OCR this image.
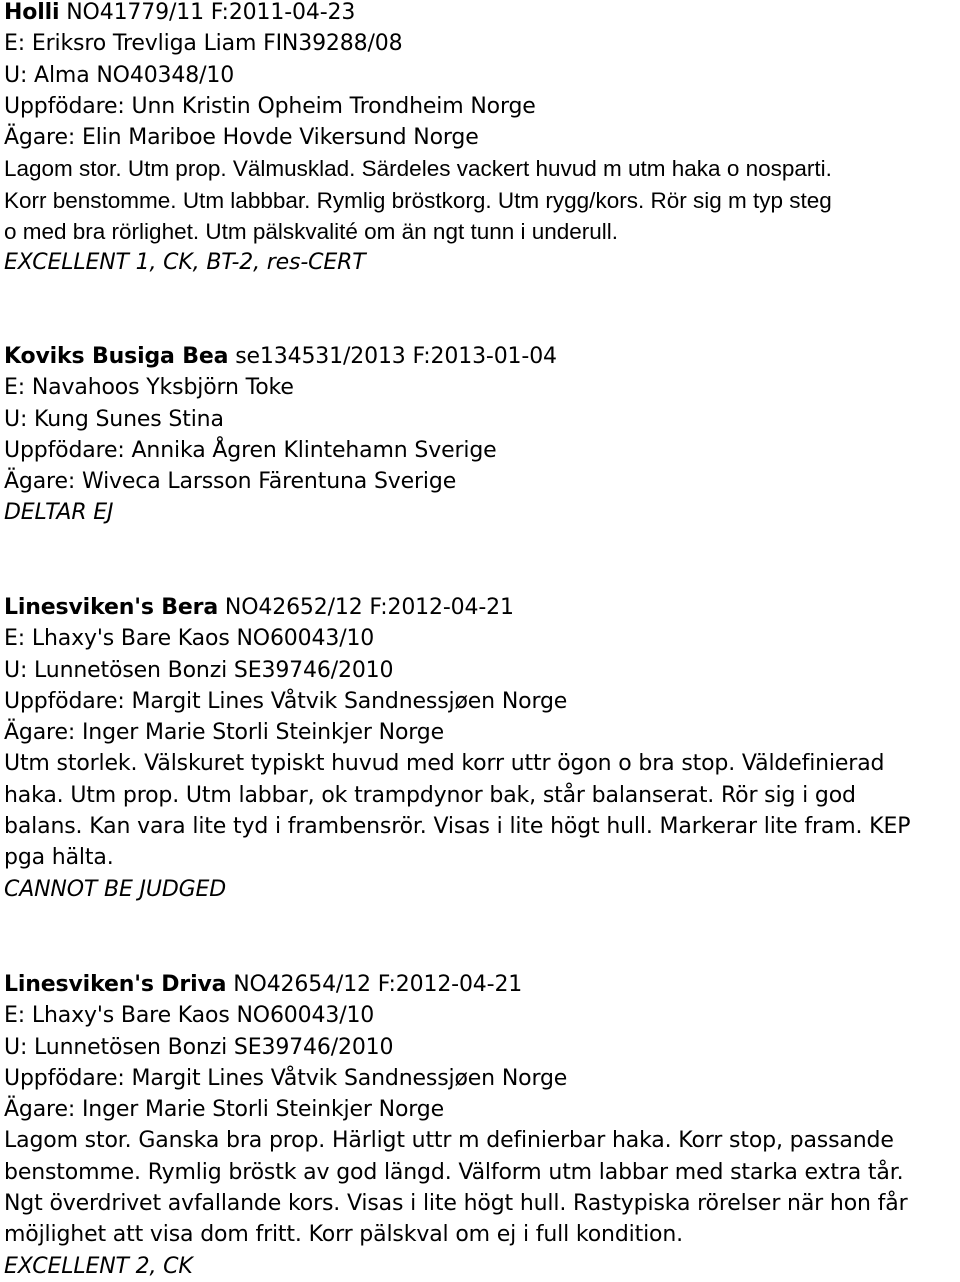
Holli NO41779/11 F:2011-04-23
E: Eriksro Trevliga Liam FIN39288/08
U: Alma NO40348/10
Uppfödare: Unn Kristin Opheim Trondheim Norge
Ägare: Elin Mariboe Hovde Vikersund Norge
Lagom stor. Utm prop. Välmusklad. Särdeles vackert huvud m utm haka o nosparti.
Korr benstomme. Utm labbbar. Rymlig bröstkorg. Utm rygg/kors. Rör sig m typ steg
o med bra rörlighet. Utm pälskvalité om än ngt tunn i underull.
EXCELLENT 1, CK, BT-2, res-CERT
Koviks Busiga Bea se134531/2013 F:2013-01-04
E: Navahoos Yksbjörn Toke
U: Kung Sunes Stina
Uppfödare: Annika Ågren Klintehamn Sverige
Ägare: Wiveca Larsson Färentuna Sverige
DELTAR EJ
Linesviken's Bera NO42652/12 F:2012-04-21
E: Lhaxy's Bare Kaos NO60043/10
U: Lunnetösen Bonzi SE39746/2010
Uppfödare: Margit Lines Våtvik Sandnessjøen Norge
Ägare: Inger Marie Storli Steinkjer Norge
Utm storlek. Välskuret typiskt huvud med korr uttr ögon o bra stop. Väldefinierad
haka. Utm prop. Utm labbar, ok trampdynor bak, står balanserat. Rör sig i god
balans. Kan vara lite tyd i frambensrör. Visas i lite högt hull. Markerar lite fram. KEP
pga hälta.
CANNOT BE JUDGED
Linesviken's Driva NO42654/12 F:2012-04-21
E: Lhaxy's Bare Kaos NO60043/10
U: Lunnetösen Bonzi SE39746/2010
Uppfödare: Margit Lines Våtvik Sandnessjøen Norge
Ägare: Inger Marie Storli Steinkjer Norge
Lagom stor. Ganska bra prop. Härligt uttr m definierbar haka. Korr stop, passande
benstomme. Rymlig bröstk av god längd. Välform utm labbar med starka extra tår.
Ngt överdrivet avfallande kors. Visas i lite högt hull. Rastypiska rörelser när hon får
möjlighet att visa dom fritt. Korr pälskval om ej i full kondition.
EXCELLENT 2, CK
